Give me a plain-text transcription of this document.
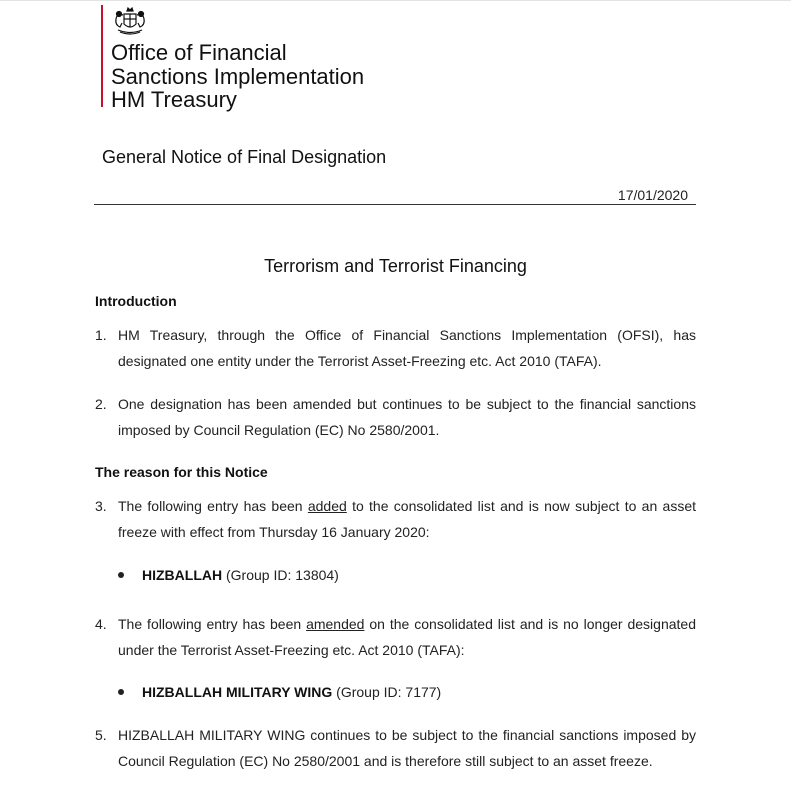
Office of Financial
Sanctions Implementation
HM Treasury
General Notice of Final Designation
17/01/2020
Terrorism and Terrorist Financing
Introduction
1. HM Treasury, through the Office of Financial Sanctions Implementation (OFSI), has designated one entity under the Terrorist Asset-Freezing etc. Act 2010 (TAFA).
2. One designation has been amended but continues to be subject to the financial sanctions imposed by Council Regulation (EC) No 2580/2001.
The reason for this Notice
3. The following entry has been added to the consolidated list and is now subject to an asset freeze with effect from Thursday 16 January 2020:
HIZBALLAH (Group ID: 13804)
4. The following entry has been amended on the consolidated list and is no longer designated under the Terrorist Asset-Freezing etc. Act 2010 (TAFA):
HIZBALLAH MILITARY WING (Group ID: 7177)
5. HIZBALLAH MILITARY WING continues to be subject to the financial sanctions imposed by Council Regulation (EC) No 2580/2001 and is therefore still subject to an asset freeze.
